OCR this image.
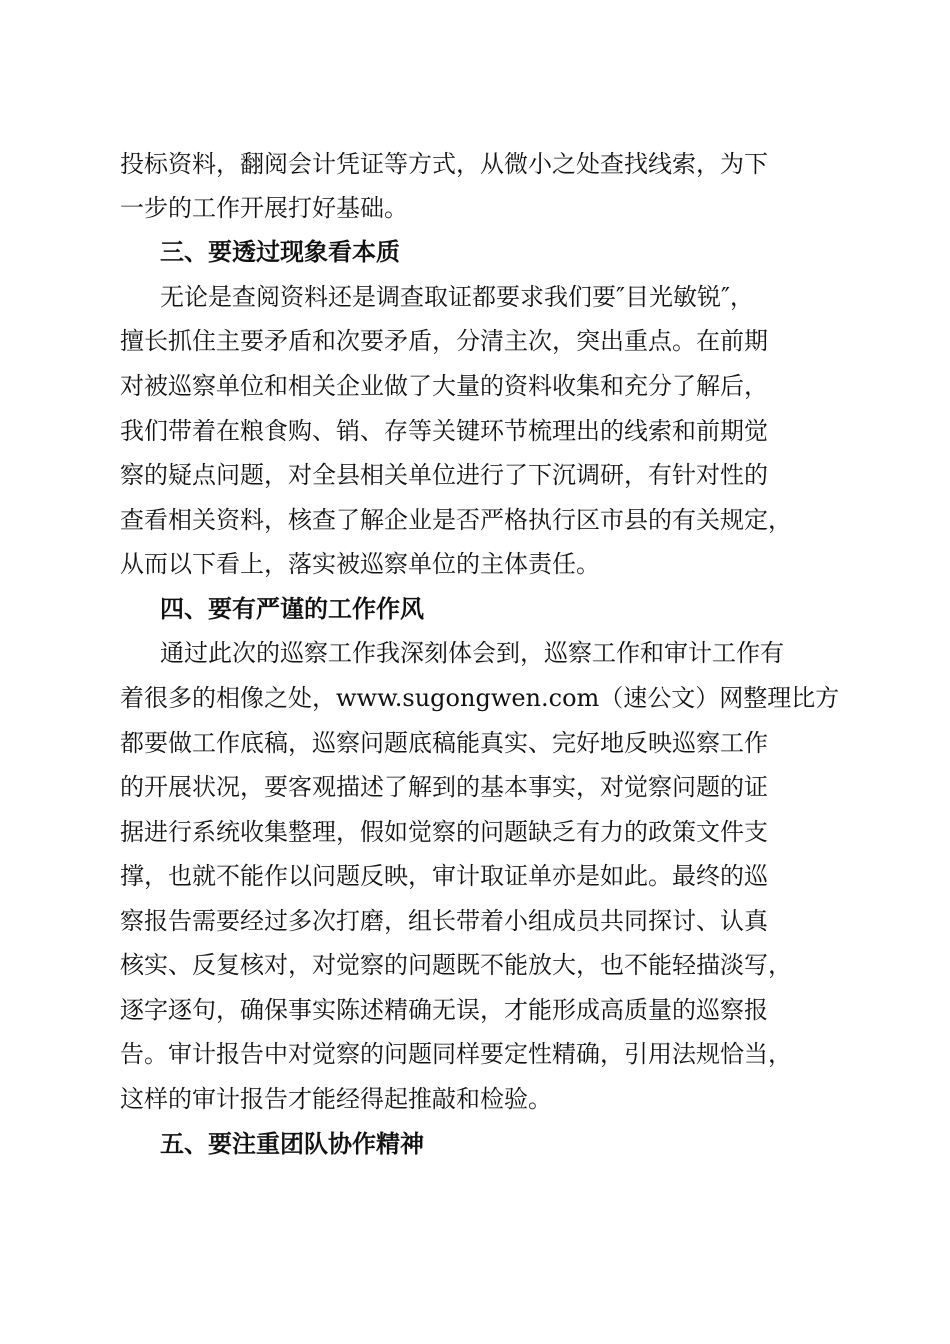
投标资料，翻阅会计凭证等方式，从微小之处查找线索，为下
一步的工作开展打好基础。
三、要透过现象看本质
无论是查阅资料还是调查取证都要求我们要″目光敏锐″，
擅长抓住主要矛盾和次要矛盾，分清主次，突出重点。在前期
对被巡察单位和相关企业做了大量的资料收集和充分了解后，
我们带着在粮食购、销、存等关键环节梳理出的线索和前期觉
察的疑点问题，对全县相关单位进行了下沉调研，有针对性的
查看相关资料，核查了解企业是否严格执行区市县的有关规定，
从而以下看上，落实被巡察单位的主体责任。
四、要有严谨的工作作风
通过此次的巡察工作我深刻体会到，巡察工作和审计工作有
着很多的相像之处，www.sugongwen.com（速公文）网整理比方
都要做工作底稿，巡察问题底稿能真实、完好地反映巡察工作
的开展状况，要客观描述了解到的基本事实，对觉察问题的证
据进行系统收集整理，假如觉察的问题缺乏有力的政策文件支
撑，也就不能作以问题反映，审计取证单亦是如此。最终的巡
察报告需要经过多次打磨，组长带着小组成员共同探讨、认真
核实、反复核对，对觉察的问题既不能放大，也不能轻描淡写，
逐字逐句，确保事实陈述精确无误，才能形成高质量的巡察报
告。审计报告中对觉察的问题同样要定性精确，引用法规恰当，
这样的审计报告才能经得起推敲和检验。
五、要注重团队协作精神
